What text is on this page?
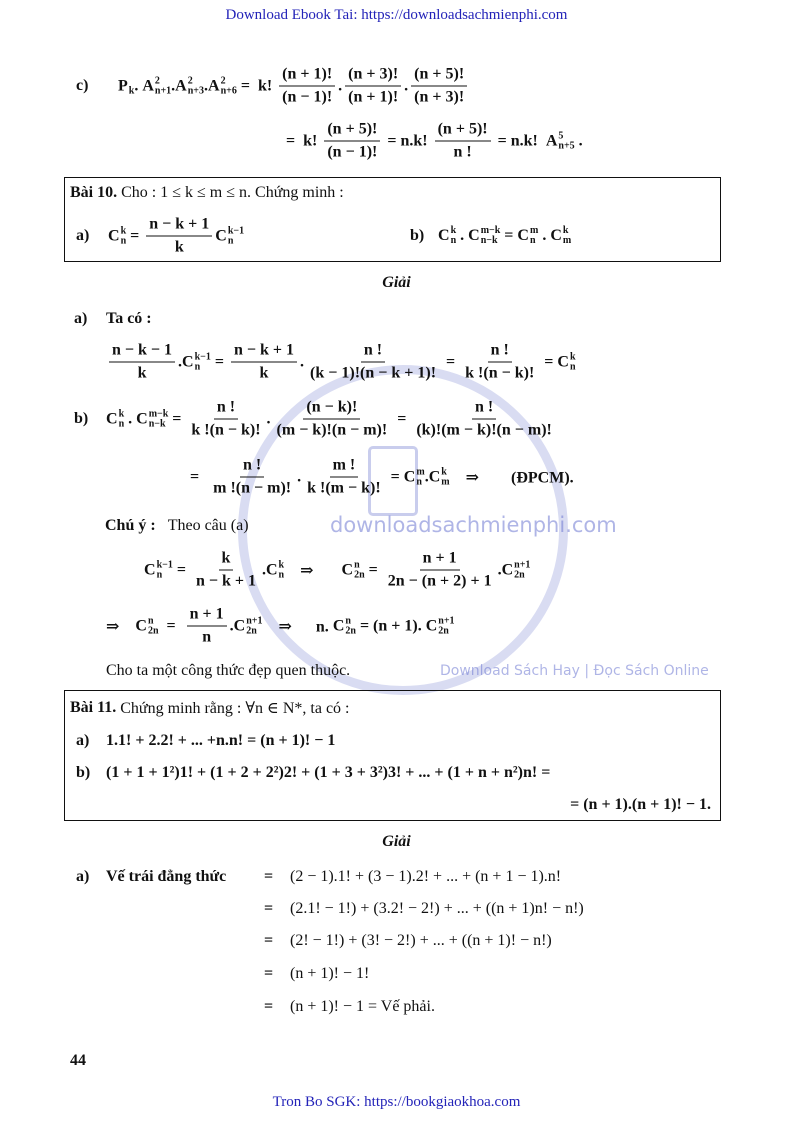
downloadsachmienphi.com
Download Sách Hay | Đọc Sách Online
Download Ebook Tai: https://downloadsachmienphi.com
c) P
k . A 2
n+1 . A 2
n+3 . A 2
n+6 =  k! $\frac{(n + 1)!}{(n - 1)!}$ . $\frac{(n + 3)!}{(n + 1)!}$ . $\frac{(n + 5)!}{(n + 3)!}$
=  k! $\frac{(n + 5)!}{(n - 1)!} = n.k$! $\frac{(n + 5)!}{n !} = n.k$! A 5
n+5 .
Bài 10.
Cho : 1 ≤ k ≤ m ≤ n. Chứng minh :
a) C k
$n = \frac{n - k + 1}{k}$ C k−1
n	b) C k
n . C m−k
n−k = C m
n . C k
m
Giải
a) Ta có :
$\frac{n - k - 1}{k}$ . C k−1
$n = \frac{n - k + 1}{k}$ . $\frac{n !}{(k - 1)!(n - k + 1)!} = \frac{n !}{k !(n - k)!} = C$ k
n
b) C k
n . C m−k
$n-k = \frac{n !}{k !(n - k)!}$ . $\frac{(n - k)!}{(m - k)!(n - m)!} = \frac{n !}{(k)!(m - k)!(n - m)!}$
= $\frac{n !}{m !(n - m)!}$ . $\frac{m !}{k !(m - k)!} = C$ m
n . C k
m ⇒        (ĐPCM).
Chú ý :
Theo câu (a)
C k−1
$n = \frac{k}{n - k + 1}$ . C k
n ⇒ C n
$2n = \frac{n + 1}{2n - (n + 2) + 1}$ . C n+1
2n
⇒ C n
$2n = \frac{n + 1}{n}$ . C n+1
2n ⇒      n. C n
2n = (n + 1). C n+1
2n
Cho ta một công thức đẹp quen thuộc.
Bài 11.
Chứng minh rằng : ∀n ∈ N*, ta có :
a) 1.1! + 2.2! + ... +n.n! = (n + 1)! − 1
b) (1 + 1 + 1²)1! + (1 + 2 + 2²)2! + (1 + 3 + 3²)3! + ... + (1 + n + n²)n! =
= (n + 1).(n + 1)! − 1.
Giải
a) Vế trái đẳng thức = (2 − 1).1! + (3 − 1).2! + ... + (n + 1 − 1).n!
= (2.1! − 1!) + (3.2! − 2!) + ... + ((n + 1)n! − n!)
= (2! − 1!) + (3! − 2!) + ... + ((n + 1)! − n!)
= (n + 1)! − 1!
= (n + 1)! − 1 = Vế phải.
44
Tron Bo SGK: https://bookgiaokhoa.com
